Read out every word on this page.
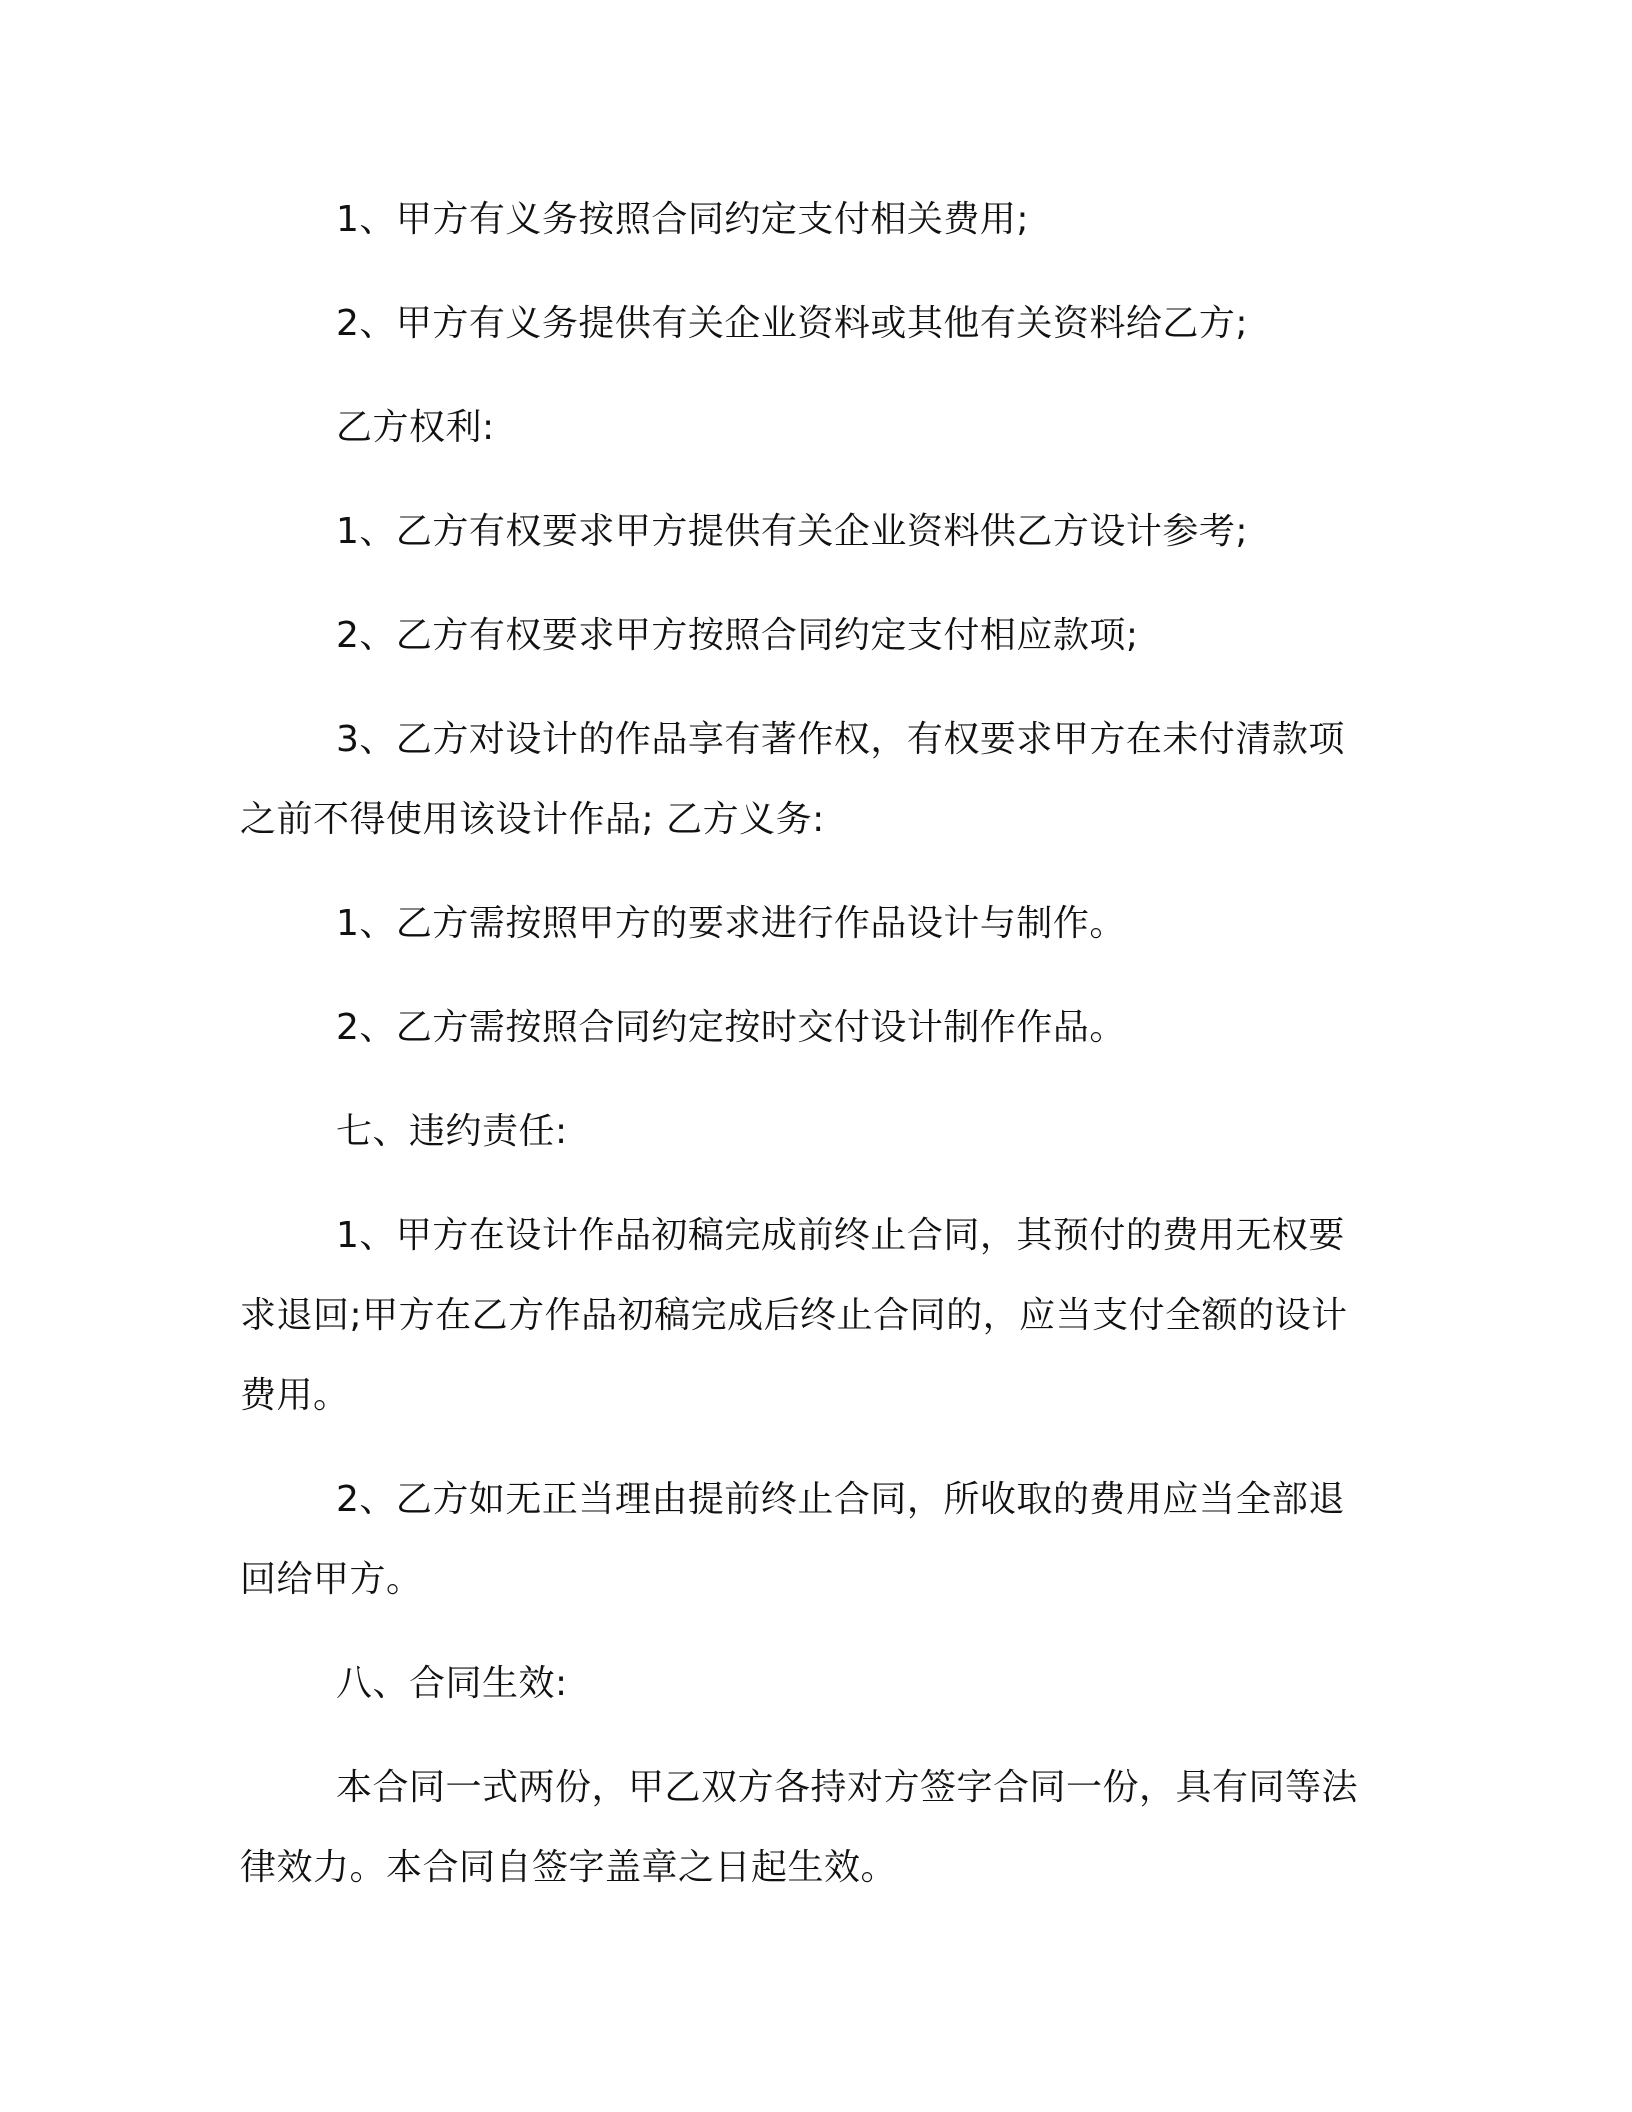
1、甲方有义务按照合同约定支付相关费用;

2、甲方有义务提供有关企业资料或其他有关资料给乙方;

乙方权利:

1、乙方有权要求甲方提供有关企业资料供乙方设计参考;

2、乙方有权要求甲方按照合同约定支付相应款项;

3、乙方对设计的作品享有著作权，有权要求甲方在未付清款项之前不得使用该设计作品; 乙方义务:

1、乙方需按照甲方的要求进行作品设计与制作。

2、乙方需按照合同约定按时交付设计制作作品。

七、违约责任:

1、甲方在设计作品初稿完成前终止合同，其预付的费用无权要求退回;甲方在乙方作品初稿完成后终止合同的，应当支付全额的设计费用。

2、乙方如无正当理由提前终止合同，所收取的费用应当全部退回给甲方。

八、合同生效:

本合同一式两份，甲乙双方各持对方签字合同一份，具有同等法律效力。本合同自签字盖章之日起生效。
